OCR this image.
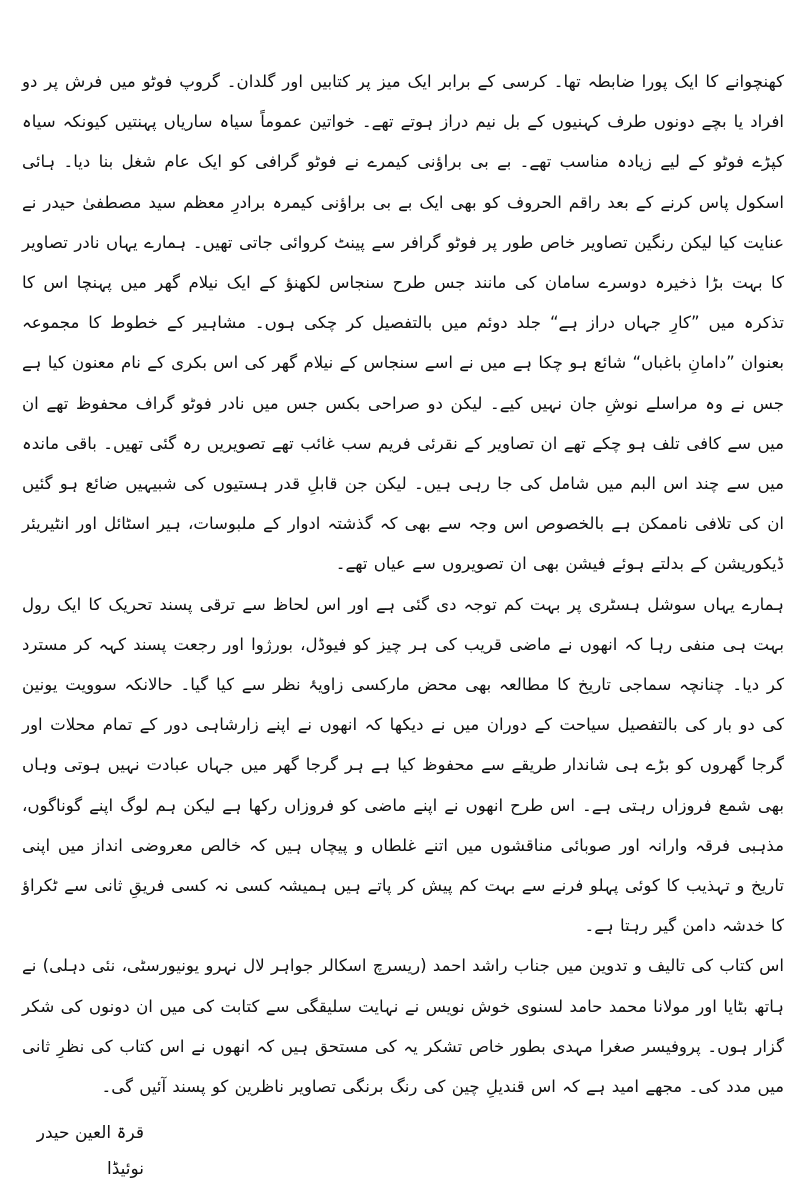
کھنچوانے کا ایک پورا ضابطہ تھا۔ کرسی کے برابر ایک میز پر کتابیں اور گلدان۔ گروپ فوٹو میں فرش پر دو افراد یا بچے دونوں طرف کہنیوں کے بل نیم دراز ہوتے تھے۔ خواتین عموماً سیاہ ساریاں پہنتیں کیونکہ سیاہ کپڑے فوٹو کے لیے زیادہ مناسب تھے۔ بے بی براؤنی کیمرے نے فوٹو گرافی کو ایک عام شغل بنا دیا۔ ہائی اسکول پاس کرنے کے بعد راقم الحروف کو بھی ایک بے بی براؤنی کیمرہ برادرِ معظم سید مصطفیٰ حیدر نے عنایت کیا لیکن رنگین تصاویر خاص طور پر فوٹو گرافر سے پینٹ کروائی جاتی تھیں۔ ہمارے یہاں نادر تصاویر کا بہت بڑا ذخیرہ دوسرے سامان کی مانند جس طرح سنجاس لکھنؤ کے ایک نیلام گھر میں پہنچا اس کا تذکرہ میں ”کارِ جہاں دراز ہے“ جلد دوئم میں بالتفصیل کر چکی ہوں۔ مشاہیر کے خطوط کا مجموعہ بعنوان ”دامانِ باغباں“ شائع ہو چکا ہے میں نے اسے سنجاس کے نیلام گھر کی اس بکری کے نام معنون کیا ہے جس نے وہ مراسلے نوشِ جان نہیں کیے۔ لیکن دو صراحی بکس جس میں نادر فوٹو گراف محفوظ تھے ان میں سے کافی تلف ہو چکے تھے ان تصاویر کے نقرئی فریم سب غائب تھے تصویریں رہ گئی تھیں۔ باقی ماندہ میں سے چند اس البم میں شامل کی جا رہی ہیں۔ لیکن جن قابلِ قدر ہستیوں کی شبیہیں ضائع ہو گئیں ان کی تلافی ناممکن ہے بالخصوص اس وجہ سے بھی کہ گذشتہ ادوار کے ملبوسات، ہیر اسٹائل اور انٹیریئر ڈیکوریشن کے بدلتے ہوئے فیشن بھی ان تصویروں سے عیاں تھے۔

ہمارے یہاں سوشل ہسٹری پر بہت کم توجہ دی گئی ہے اور اس لحاظ سے ترقی پسند تحریک کا ایک رول بہت ہی منفی رہا کہ انھوں نے ماضی قریب کی ہر چیز کو فیوڈل، بورژوا اور رجعت پسند کہہ کر مسترد کر دیا۔ چنانچہ سماجی تاریخ کا مطالعہ بھی محض مارکسی زاویۂ نظر سے کیا گیا۔ حالانکہ سوویت یونین کی دو بار کی بالتفصیل سیاحت کے دوران میں نے دیکھا کہ انھوں نے اپنے زارشاہی دور کے تمام محلات اور گرجا گھروں کو بڑے ہی شاندار طریقے سے محفوظ کیا ہے ہر گرجا گھر میں جہاں عبادت نہیں ہوتی وہاں بھی شمع فروزاں رہتی ہے۔ اس طرح انھوں نے اپنے ماضی کو فروزاں رکھا ہے لیکن ہم لوگ اپنے گوناگوں، مذہبی فرقہ وارانہ اور صوبائی مناقشوں میں اتنے غلطاں و پیچاں ہیں کہ خالص معروضی انداز میں اپنی تاریخ و تہذیب کا کوئی پہلو فرنے سے بہت کم پیش کر پاتے ہیں ہمیشہ کسی نہ کسی فریقِ ثانی سے ٹکراؤ کا خدشہ دامن گیر رہتا ہے۔

اس کتاب کی تالیف و تدوین میں جناب راشد احمد (ریسرچ اسکالر جواہر لال نہرو یونیورسٹی، نئی دہلی) نے ہاتھ بٹایا اور مولانا محمد حامد لسنوی خوش نویس نے نہایت سلیقگی سے کتابت کی میں ان دونوں کی شکر گزار ہوں۔ پروفیسر صغرا مہدی بطور خاص تشکر یہ کی مستحق ہیں کہ انھوں نے اس کتاب کی نظرِ ثانی میں مدد کی۔ مجھے امید ہے کہ اس قندیلِ چین کی رنگ برنگی تصاویر ناظرین کو پسند آئیں گی۔

قرۃ العین حیدر
نوئیڈا
